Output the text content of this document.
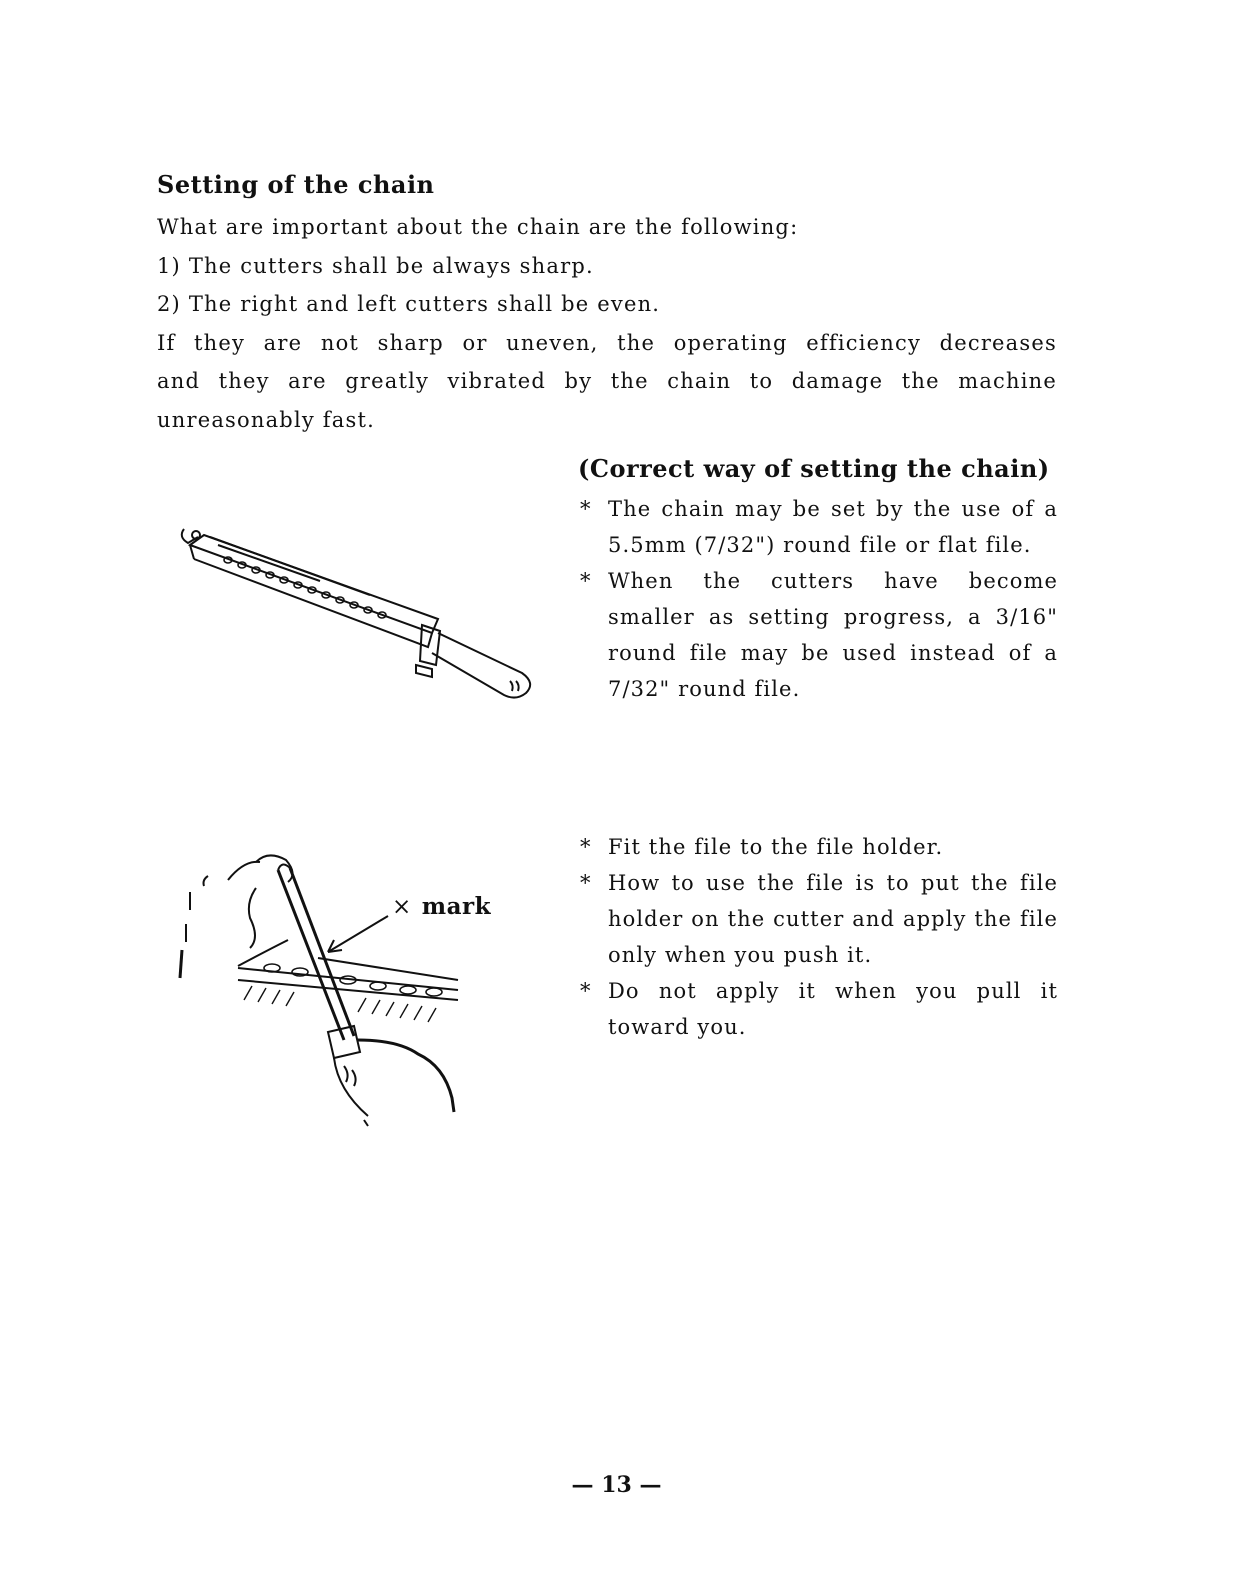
Setting of the chain
What are important about the chain are the following:
1) The cutters shall be always sharp.
2) The right and left cutters shall be even.
If they are not sharp or uneven, the operating efficiency decreases
and they are greatly vibrated by the chain to damage the machine
unreasonably fast.
(Correct way of setting the chain)
* The chain may be set by the use of a 5.5mm (7/32") round file or flat file.
* When the cutters have become smaller as setting progress, a 3/16" round file may be used instead of a 7/32" round file.
× mark
* Fit the file to the file holder.
* How to use the file is to put the file holder on the cutter and apply the file only when you push it.
* Do not apply it when you pull it toward you.
— 13 —
